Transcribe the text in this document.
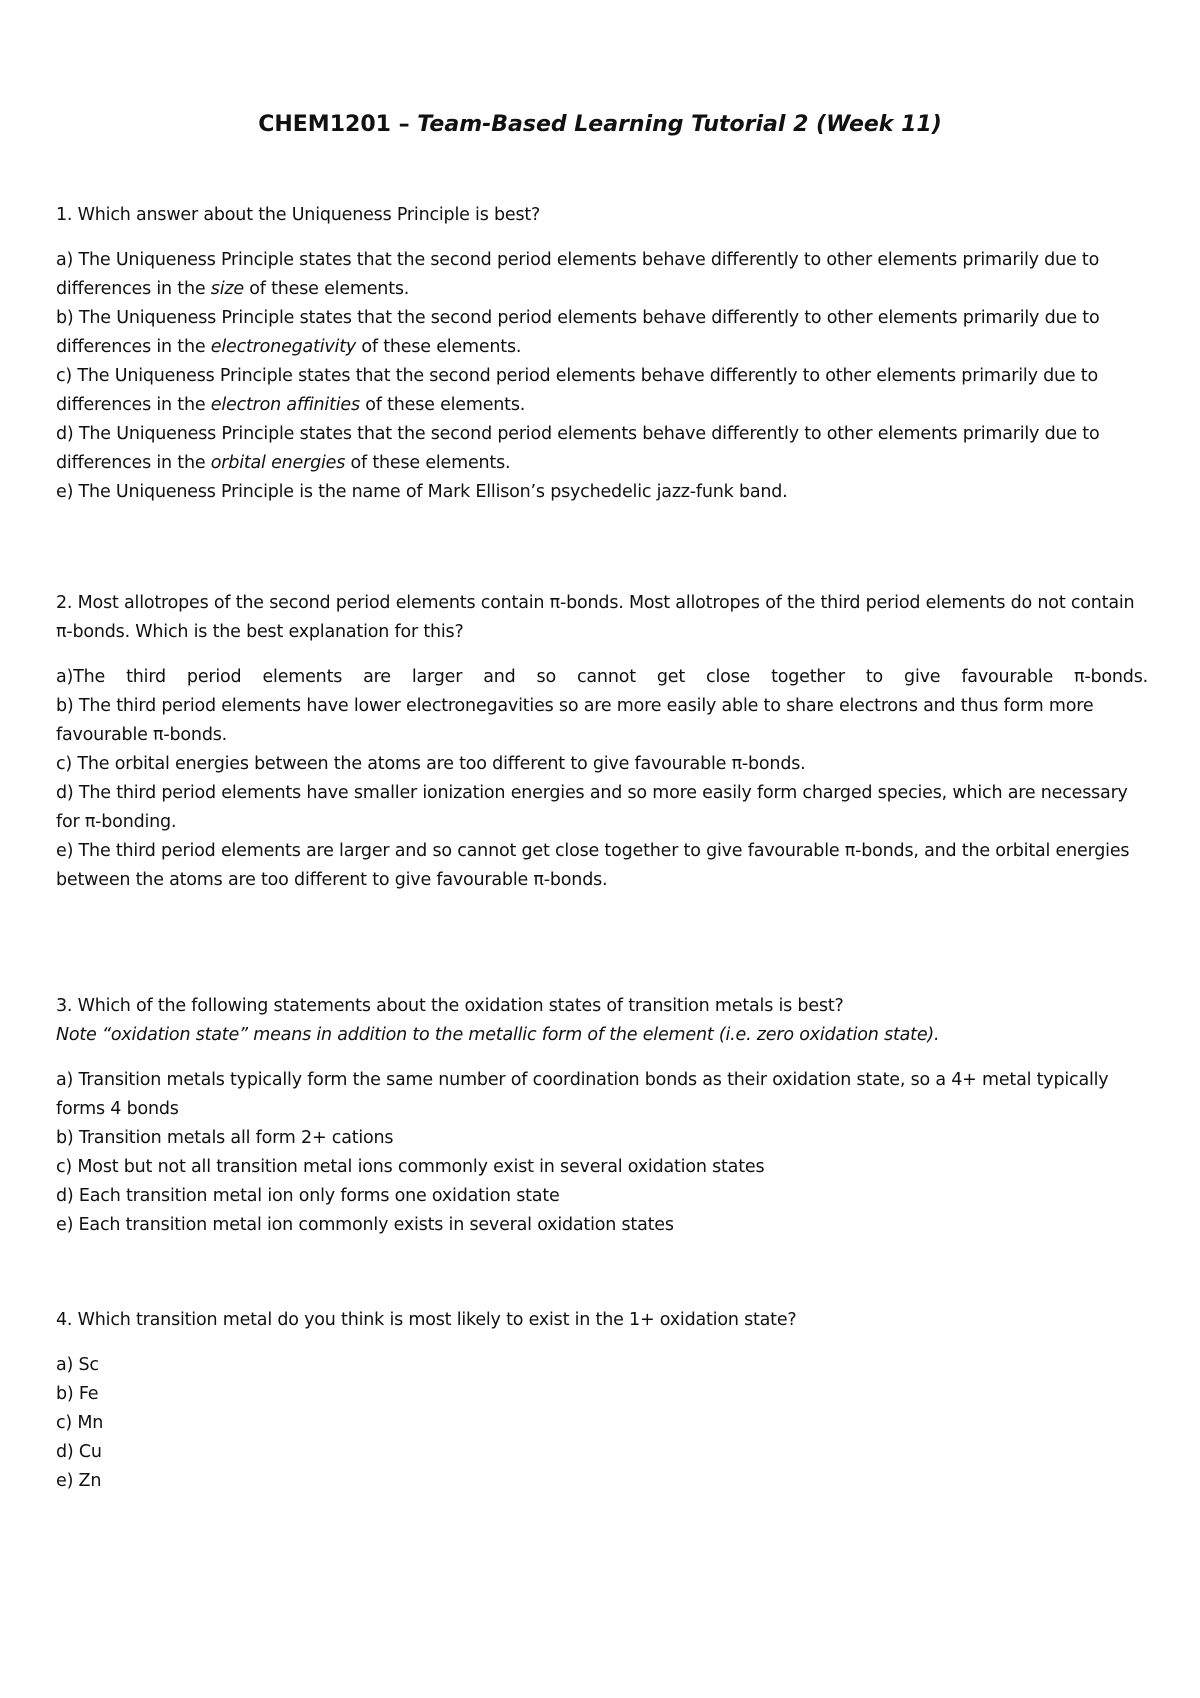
CHEM1201 – Team-Based Learning Tutorial 2 (Week 11)

1. Which answer about the Uniqueness Principle is best?

a) The Uniqueness Principle states that the second period elements behave differently to other elements primarily due to differences in the size of these elements.
b) The Uniqueness Principle states that the second period elements behave differently to other elements primarily due to differences in the electronegativity of these elements.
c) The Uniqueness Principle states that the second period elements behave differently to other elements primarily due to differences in the electron affinities of these elements.
d) The Uniqueness Principle states that the second period elements behave differently to other elements primarily due to differences in the orbital energies of these elements.
e) The Uniqueness Principle is the name of Mark Ellison’s psychedelic jazz-funk band.

2. Most allotropes of the second period elements contain π-bonds. Most allotropes of the third period elements do not contain π-bonds. Which is the best explanation for this?

a)The third period elements are larger and so cannot get close together to give favourable π-bonds.
b) The third period elements have lower electronegavities so are more easily able to share electrons and thus form more favourable π-bonds.
c) The orbital energies between the atoms are too different to give favourable π-bonds.
d) The third period elements have smaller ionization energies and so more easily form charged species, which are necessary for π-bonding.
e) The third period elements are larger and so cannot get close together to give favourable π-bonds, and the orbital energies between the atoms are too different to give favourable π-bonds.

3. Which of the following statements about the oxidation states of transition metals is best?

Note “oxidation state” means in addition to the metallic form of the element (i.e. zero oxidation state).

a) Transition metals typically form the same number of coordination bonds as their oxidation state, so a 4+ metal typically forms 4 bonds
b) Transition metals all form 2+ cations
c) Most but not all transition metal ions commonly exist in several oxidation states
d) Each transition metal ion only forms one oxidation state
e) Each transition metal ion commonly exists in several oxidation states

4. Which transition metal do you think is most likely to exist in the 1+ oxidation state?

a) Sc
b) Fe
c) Mn
d) Cu
e) Zn
